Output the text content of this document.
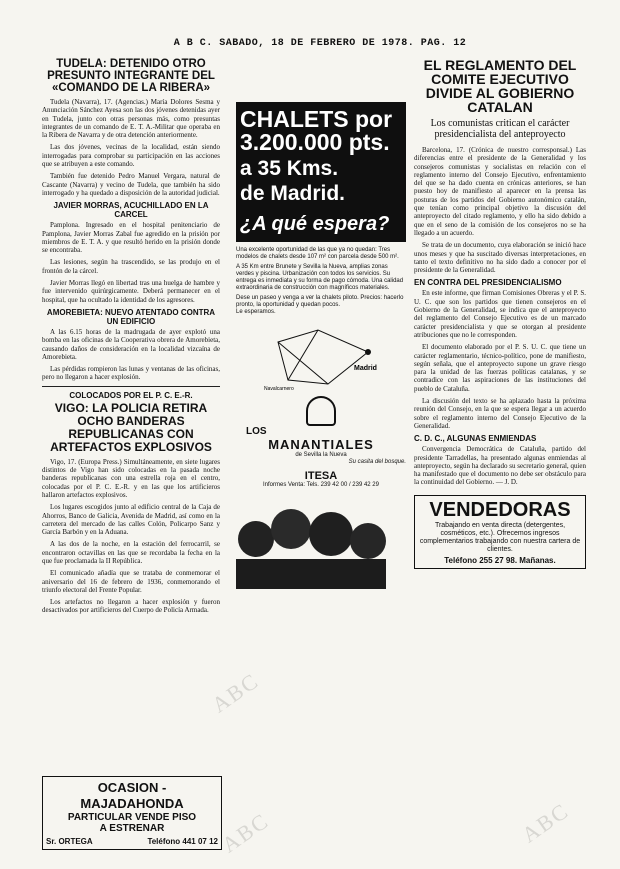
A B C. SABADO, 18 DE FEBRERO DE 1978. PAG. 12
TUDELA: DETENIDO OTRO PRESUNTO INTEGRANTE DEL «COMANDO DE LA RIBERA»

Tudela (Navarra), 17. (Agencias.) María Dolores Sesma y Anunciación Sánchez Ayesa son las dos jóvenes detenidas ayer en Tudela, junto con otras personas más, como presuntas integrantes de un comando de E. T. A.-Militar que operaba en la Ribera de Navarra y de otra detención anteriormente.

Las dos jóvenes, vecinas de la localidad, están siendo interrogadas para comprobar su participación en las acciones que se atribuyen a este comando.

También fue detenido Pedro Manuel Vergara, natural de Cascante (Navarra) y vecino de Tudela, que también ha sido interrogado y ha quedado a disposición de la autoridad judicial.

JAVIER MORRAS, ACUCHILLADO EN LA CARCEL

Pamplona. Ingresado en el hospital penitenciario de Pamplona, Javier Morras Zabal fue agredido en la prisión por miembros de E. T. A. y que resultó herido en la prisión donde se encontraba.

Las lesiones, según ha trascendido, se las produjo en el frontón de la cárcel.

Javier Morras llegó en libertad tras una huelga de hambre y fue intervenido quirúrgicamente. Deberá permanecer en el hospital, que ha ocultado la identidad de los agresores.

AMOREBIETA: NUEVO ATENTADO CONTRA UN EDIFICIO

A las 6.15 horas de la madrugada de ayer explotó una bomba en las oficinas de la Cooperativa obrera de Amorebieta, causando daños de consideración en la localidad vizcaína de Amorebieta.

Las pérdidas rompieron las lunas y ventanas de las oficinas, pero no llegaron a hacer explosión.

COLOCADOS POR EL P. C. E.-R.
VIGO: LA POLICIA RETIRA OCHO BANDERAS REPUBLICANAS CON ARTEFACTOS EXPLOSIVOS

Vigo, 17. (Europa Press.) Simultáneamente, en siete lugares distintos de Vigo han sido colocadas en la pasada noche banderas republicanas con una estrella roja en el centro, colocadas por el P. C. E.-R. y en las que los artificieros hallaron artefactos explosivos.

Los lugares escogidos junto al edificio central de la Caja de Ahorros, Banco de Galicia, Avenida de Madrid, así como en la carretera del mercado de las calles Colón, Policarpo Sanz y García Barbón y en la Aduana.

A las dos de la noche, en la estación del ferrocarril, se encontraron octavillas en las que se recordaba la fecha en la que fue proclamada la II República.

El comunicado añadía que se trataba de conmemorar el aniversario del 16 de febrero de 1936, conmemorando el triunfo electoral del Frente Popular.

Los artefactos no llegaron a hacer explosión y fueron desactivados por artificieros del Cuerpo de Policía Armada.

OCASION - MAJADAHONDA
PARTICULAR VENDE PISO
A ESTRENAR
Sr. ORTEGA	Teléfono 441 07 12
CHALETS por
3.200.000 pts.
a 35 Kms.
de Madrid.
¿A qué espera?
Una excelente oportunidad de las que ya no quedan: Tres modelos de chalets desde 107 m² con parcela desde 500 m².
A 35 Km entre Brunete y Sevilla la Nueva, amplias zonas verdes y piscina. Urbanización con todos los servicios. Su entrega es inmediata y su forma de pago cómoda. Una calidad extraordinaria de construcción con magníficos materiales.
Dese un paseo y venga a ver la chalets piloto. Precios: hacerlo pronto, la oportunidad y quedan pocos.
Le esperamos.
Madrid
Navalcarnero
LOS
MANANTIALES
de Sevilla la Nueva
Su casita del bosque.
ITESA
Informes Venta: Tels. 239 42 00 / 239 42 29
EL REGLAMENTO DEL COMITE EJECUTIVO DIVIDE AL GOBIERNO CATALAN
Los comunistas critican el carácter presidencialista del anteproyecto

Barcelona, 17. (Crónica de nuestro corresponsal.) Las diferencias entre el presidente de la Generalidad y los consejeros comunistas y socialistas en relación con el reglamento interno del Consejo Ejecutivo, enfrentamiento del que se ha dado cuenta en crónicas anteriores, se han puesto hoy de manifiesto al aparecer en la prensa las posturas de los partidos del Gobierno autonómico catalán, que tenían como principal objetivo la discusión del anteproyecto del citado reglamento, y ello ha sido debido a que en el seno de la comisión de los consejeros no se ha llegado a un acuerdo.

Se trata de un documento, cuya elaboración se inició hace unos meses y que ha suscitado diversas interpretaciones, en tanto el texto definitivo no ha sido dado a conocer por el presidente de la Generalidad.

EN CONTRA DEL PRESIDENCIALISMO

En este informe, que firman Comisiones Obreras y el P. S. U. C. que son los partidos que tienen consejeros en el Gobierno de la Generalidad, se indica que el anteproyecto del reglamento del Consejo Ejecutivo es de un marcado carácter presidencialista y que se otorgan al presidente atribuciones que no le corresponden.

El documento elaborado por el P. S. U. C. que tiene un carácter reglamentario, técnico-político, pone de manifiesto, según señala, que el anteproyecto supone un grave riesgo para la unidad de las fuerzas políticas catalanas, y se contradice con las aspiraciones de las instituciones del pueblo de Cataluña.

La discusión del texto se ha aplazado hasta la próxima reunión del Consejo, en la que se espera llegar a un acuerdo sobre el reglamento interno del Consejo Ejecutivo de la Generalidad.

C. D. C., ALGUNAS ENMIENDAS

Convergencia Democrática de Cataluña, partido del presidente Tarradellas, ha presentado algunas enmiendas al anteproyecto, según ha declarado su secretario general, quien ha manifestado que el documento no debe ser obstáculo para la continuidad del Gobierno. — J. D.

VENDEDORAS
Trabajando en venta directa (detergentes, cosméticos, etc.). Ofrecemos ingresos complementarios trabajando con nuestra cartera de clientes.
Teléfono 255 27 98. Mañanas.
ABC
ABC	ABC
